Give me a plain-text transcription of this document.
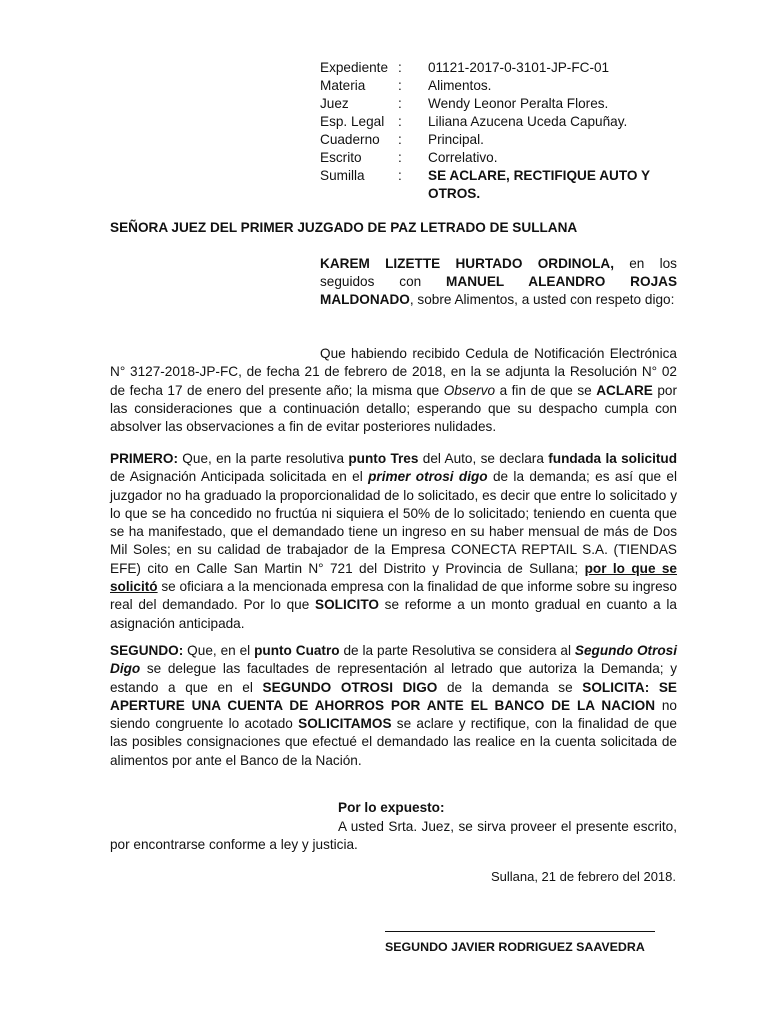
Expediente :	01121-2017-0-3101-JP-FC-01
Materia	:	Alimentos.
Juez	:	Wendy Leonor Peralta Flores.
Esp. Legal	:	Liliana Azucena Uceda Capuñay.
Cuaderno	:	Principal.
Escrito	:	Correlativo.
Sumilla	:	SE ACLARE, RECTIFIQUE AUTO Y
OTROS.
SEÑORA JUEZ DEL PRIMER JUZGADO DE PAZ LETRADO DE SULLANA
KAREM LIZETTE HURTADO ORDINOLA, en los seguidos con MANUEL ALEANDRO ROJAS MALDONADO, sobre Alimentos, a usted con respeto digo:
Que habiendo recibido Cedula de Notificación Electrónica N° 3127-2018-JP-FC, de fecha 21 de febrero de 2018, en la se adjunta la Resolución N° 02 de fecha 17 de enero del presente año; la misma que Observo a fin de que se ACLARE por las consideraciones que a continuación detallo; esperando que su despacho cumpla con absolver las observaciones a fin de evitar posteriores nulidades.
PRIMERO: Que, en la parte resolutiva punto Tres del Auto, se declara fundada la solicitud de Asignación Anticipada solicitada en el primer otrosi digo de la demanda; es así que el juzgador no ha graduado la proporcionalidad de lo solicitado, es decir que entre lo solicitado y lo que se ha concedido no fructúa ni siquiera el 50% de lo solicitado; teniendo en cuenta que se ha manifestado, que el demandado tiene un ingreso en su haber mensual de más de Dos Mil Soles; en su calidad de trabajador de la Empresa CONECTA REPTAIL S.A. (TIENDAS EFE) cito en Calle San Martin N° 721 del Distrito y Provincia de Sullana; por lo que se solicitó se oficiara a la mencionada empresa con la finalidad de que informe sobre su ingreso real del demandado. Por lo que SOLICITO se reforme a un monto gradual en cuanto a la asignación anticipada.
SEGUNDO: Que, en el punto Cuatro de la parte Resolutiva se considera al Segundo Otrosi Digo se delegue las facultades de representación al letrado que autoriza la Demanda; y estando a que en el SEGUNDO OTROSI DIGO de la demanda se SOLICITA: SE APERTURE UNA CUENTA DE AHORROS POR ANTE EL BANCO DE LA NACION no siendo congruente lo acotado SOLICITAMOS se aclare y rectifique, con la finalidad de que las posibles consignaciones que efectué el demandado las realice en la cuenta solicitada de alimentos por ante el Banco de la Nación.
Por lo expuesto:
A usted Srta. Juez, se sirva proveer el presente escrito, por encontrarse conforme a ley y justicia.
Sullana, 21 de febrero del 2018.
SEGUNDO JAVIER RODRIGUEZ SAAVEDRA
